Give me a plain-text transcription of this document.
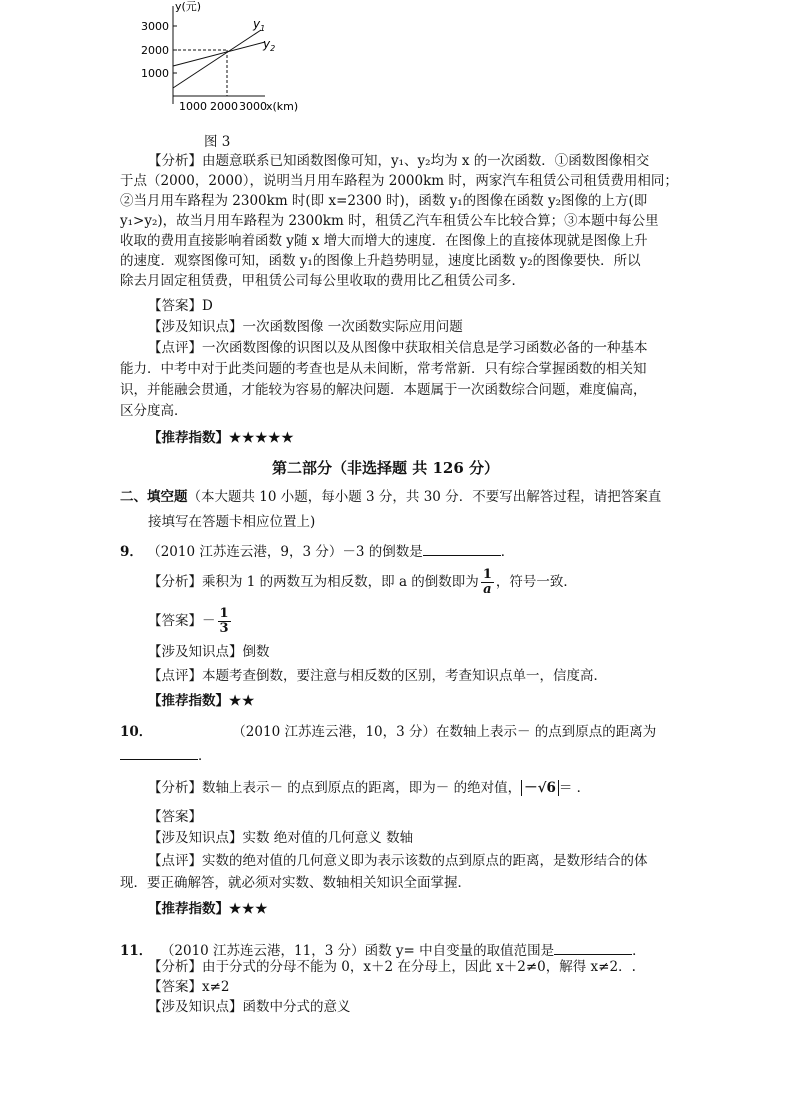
y(元)
3000
2000
1000
1000 2000 3000 x(km)
$y_1$
$y_2$
图 3
【分析】由题意联系已知函数图像可知，y₁、y₂均为 x 的一次函数．①函数图像相交
于点（2000，2000），说明当月用车路程为 2000km 时，两家汽车租赁公司租赁费用相同；
②当月用车路程为 2300km 时(即 x=2300 时)，函数 y₁的图像在函数 y₂图像的上方(即
y₁>y₂)，故当月用车路程为 2300km 时，租赁乙汽车租赁公车比较合算；③本题中每公里
收取的费用直接影响着函数 y随 x 增大而增大的速度．在图像上的直接体现就是图像上升
的速度．观察图像可知，函数 y₁的图像上升趋势明显，速度比函数 y₂的图像要快．所以
除去月固定租赁费，甲租赁公司每公里收取的费用比乙租赁公司多．
【答案】D
【涉及知识点】一次函数图像 一次函数实际应用问题
【点评】一次函数图像的识图以及从图像中获取相关信息是学习函数必备的一种基本
能力．中考中对于此类问题的考查也是从未间断，常考常新．只有综合掌握函数的相关知
识，并能融会贯通，才能较为容易的解决问题．本题属于一次函数综合问题，难度偏高，
区分度高．
【推荐指数】★★★★★
第二部分（非选择题 共 126 分）
二、填空题（本大题共 10 小题，每小题 3 分，共 30 分．不要写出解答过程，请把答案直
接填写在答题卡相应位置上)
9． （2010 江苏连云港，9，3 分）－3 的倒数是	．
【分析】乘积为 1 的两数互为相反数，即 a 的倒数即为 $\frac{1}{a}$ ，符号一致．
【答案】－ $\frac{1}{3}$
【涉及知识点】倒数
【点评】本题考查倒数，要注意与相反数的区别，考查知识点单一，信度高．
【推荐指数】★★
10．	（2010 江苏连云港，10，3 分）在数轴上表示－ 的点到原点的距离为
．
【分析】数轴上表示－ 的点到原点的距离，即为－ 的绝对值， －√6 ＝ ．
【答案】
【涉及知识点】实数 绝对值的几何意义 数轴
【点评】实数的绝对值的几何意义即为表示该数的点到原点的距离，是数形结合的体
现．要正确解答，就必须对实数、数轴相关知识全面掌握．
【推荐指数】★★★
11． （2010 江苏连云港，11，3 分）函数 y= 中自变量的取值范围是	．
【分析】由于分式的分母不能为 0，x＋2 在分母上，因此 x＋2≠0，解得 x≠2．.
【答案】x≠2
【涉及知识点】函数中分式的意义
